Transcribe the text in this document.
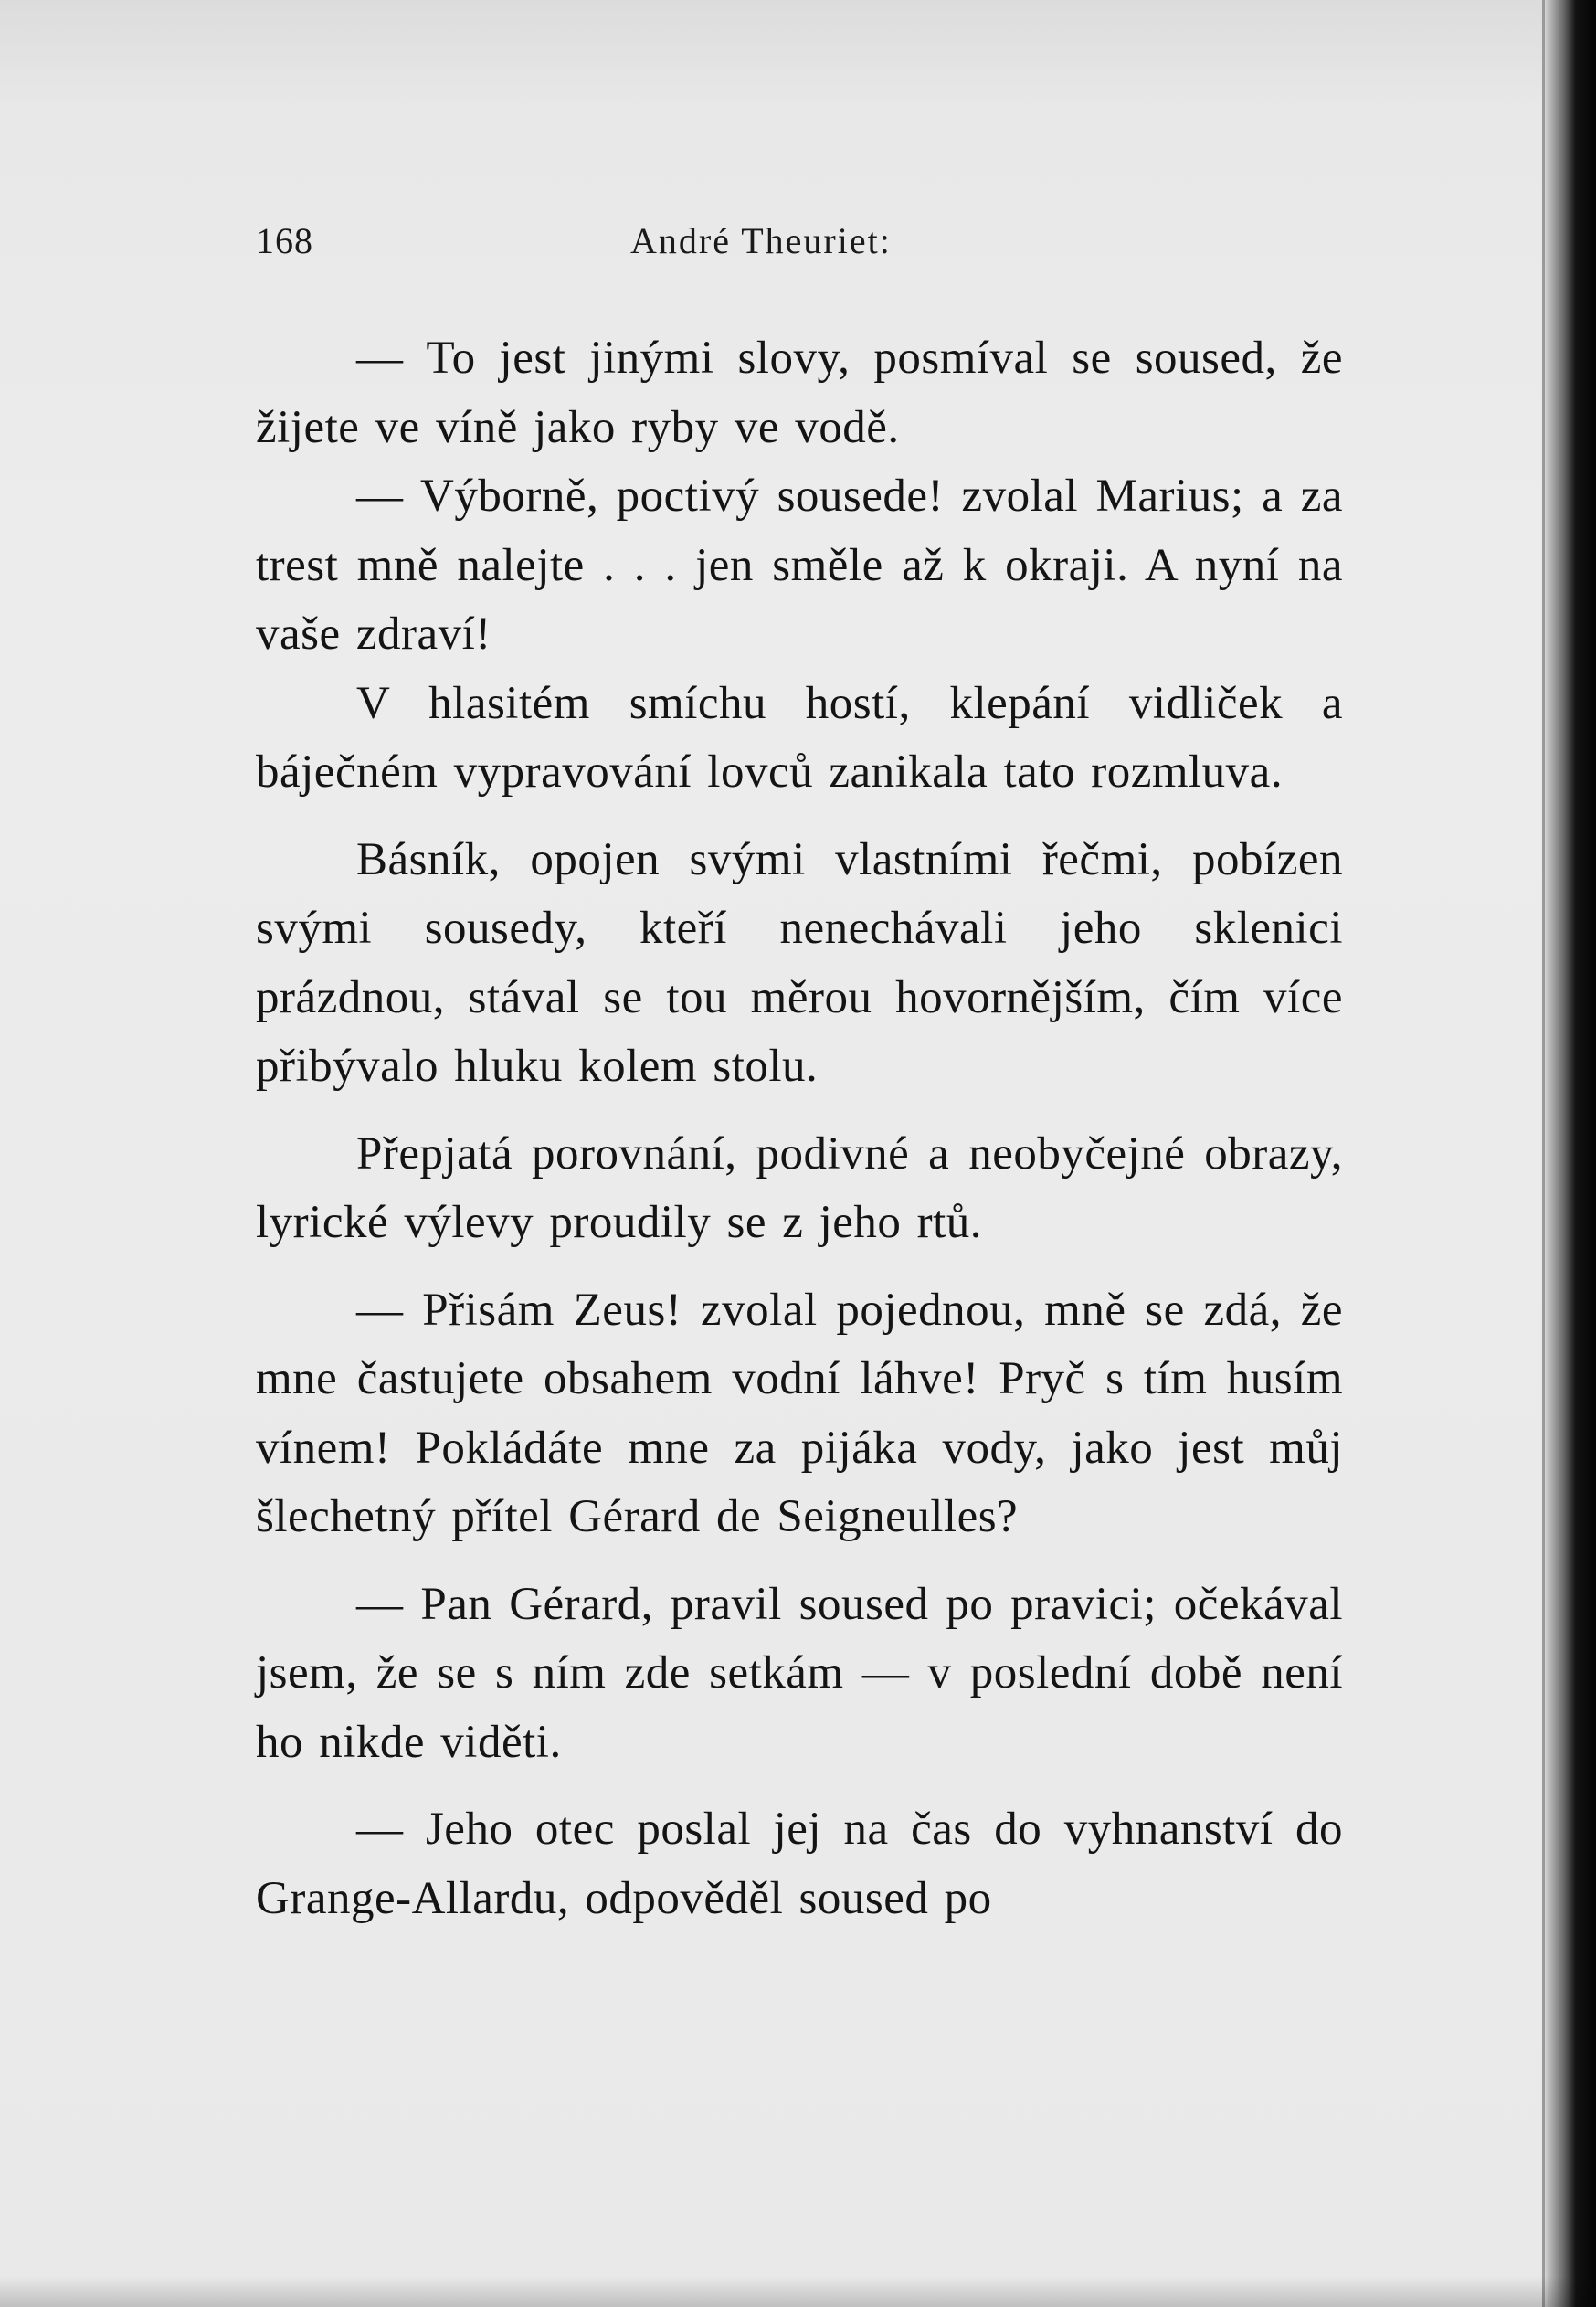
168	André Theuriet:

— To jest jinými slovy, posmíval se soused, že žijete ve víně jako ryby ve vodě.

— Výborně, poctivý sousede! zvolal Marius; a za trest mně nalejte . . . jen směle až k okraji. A nyní na vaše zdraví!

V hlasitém smíchu hostí, klepání vidliček a báječném vypravování lovců zanikala tato rozmluva.

Básník, opojen svými vlastními řečmi, pobízen svými sousedy, kteří nenechávali jeho sklenici prázdnou, stával se tou měrou hovornějším, čím více přibývalo hluku kolem stolu.

Přepjatá porovnání, podivné a neobyčejné obrazy, lyrické výlevy proudily se z jeho rtů.

— Přisám Zeus! zvolal pojednou, mně se zdá, že mne častujete obsahem vodní láhve! Pryč s tím husím vínem! Pokládáte mne za pijáka vody, jako jest můj šlechetný přítel Gérard de Seigneulles?

— Pan Gérard, pravil soused po pravici; očekával jsem, že se s ním zde setkám — v poslední době není ho nikde viděti.

— Jeho otec poslal jej na čas do vyhnanství do Grange-Allardu, odpověděl soused po
